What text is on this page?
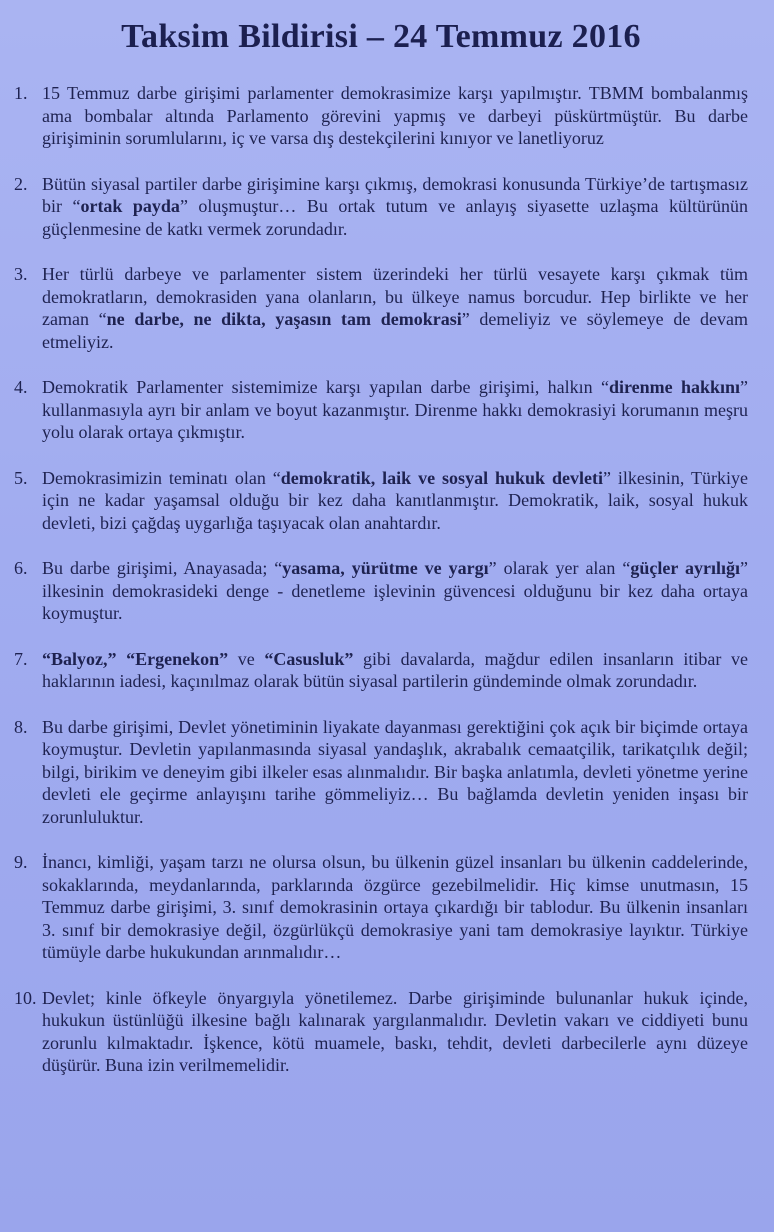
Taksim Bildirisi – 24 Temmuz 2016
1. 15 Temmuz darbe girişimi parlamenter demokrasimize karşı yapılmıştır. TBMM bombalanmış ama bombalar altında Parlamento görevini yapmış ve darbeyi püskürtmüştür. Bu darbe girişiminin sorumlularını, iç ve varsa dış destekçilerini kınıyor ve lanetliyoruz

2. Bütün siyasal partiler darbe girişimine karşı çıkmış, demokrasi konusunda Türkiye’de tartışmasız bir “ortak payda” oluşmuştur… Bu ortak tutum ve anlayış siyasette uzlaşma kültürünün güçlenmesine de katkı vermek zorundadır.

3. Her türlü darbeye ve parlamenter sistem üzerindeki her türlü vesayete karşı çıkmak tüm demokratların, demokrasiden yana olanların, bu ülkeye namus borcudur. Hep birlikte ve her zaman “ne darbe, ne dikta, yaşasın tam demokrasi” demeliyiz ve söylemeye de devam etmeliyiz.

4. Demokratik Parlamenter sistemimize karşı yapılan darbe girişimi, halkın “direnme hakkını” kullanmasıyla ayrı bir anlam ve boyut kazanmıştır. Direnme hakkı demokrasiyi korumanın meşru yolu olarak ortaya çıkmıştır.

5. Demokrasimizin teminatı olan “demokratik, laik ve sosyal hukuk devleti” ilkesinin, Türkiye için ne kadar yaşamsal olduğu bir kez daha kanıtlanmıştır. Demokratik, laik, sosyal hukuk devleti, bizi çağdaş uygarlığa taşıyacak olan anahtardır.

6. Bu darbe girişimi, Anayasada; “yasama, yürütme ve yargı” olarak yer alan “güçler ayrılığı” ilkesinin demokrasideki denge - denetleme işlevinin güvencesi olduğunu bir kez daha ortaya koymuştur.

7. “Balyoz,” “Ergenekon” ve “Casusluk” gibi davalarda, mağdur edilen insanların itibar ve haklarının iadesi, kaçınılmaz olarak bütün siyasal partilerin gündeminde olmak zorundadır.

8. Bu darbe girişimi, Devlet yönetiminin liyakate dayanması gerektiğini çok açık bir biçimde ortaya koymuştur. Devletin yapılanmasında siyasal yandaşlık, akrabalık cemaatçilik, tarikatçılık değil; bilgi, birikim ve deneyim gibi ilkeler esas alınmalıdır. Bir başka anlatımla, devleti yönetme yerine devleti ele geçirme anlayışını tarihe gömmeliyiz… Bu bağlamda devletin yeniden inşası bir zorunluluktur.

9. İnancı, kimliği, yaşam tarzı ne olursa olsun, bu ülkenin güzel insanları bu ülkenin caddelerinde, sokaklarında, meydanlarında, parklarında özgürce gezebilmelidir. Hiç kimse unutmasın, 15 Temmuz darbe girişimi, 3. sınıf demokrasinin ortaya çıkardığı bir tablodur. Bu ülkenin insanları 3. sınıf bir demokrasiye değil, özgürlükçü demokrasiye yani tam demokrasiye layıktır. Türkiye tümüyle darbe hukukundan arınmalıdır…

10. Devlet; kinle öfkeyle önyargıyla yönetilemez. Darbe girişiminde bulunanlar hukuk içinde, hukukun üstünlüğü ilkesine bağlı kalınarak yargılanmalıdır. Devletin vakarı ve ciddiyeti bunu zorunlu kılmaktadır. İşkence, kötü muamele, baskı, tehdit, devleti darbecilerle aynı düzeye düşürür. Buna izin verilmemelidir.
